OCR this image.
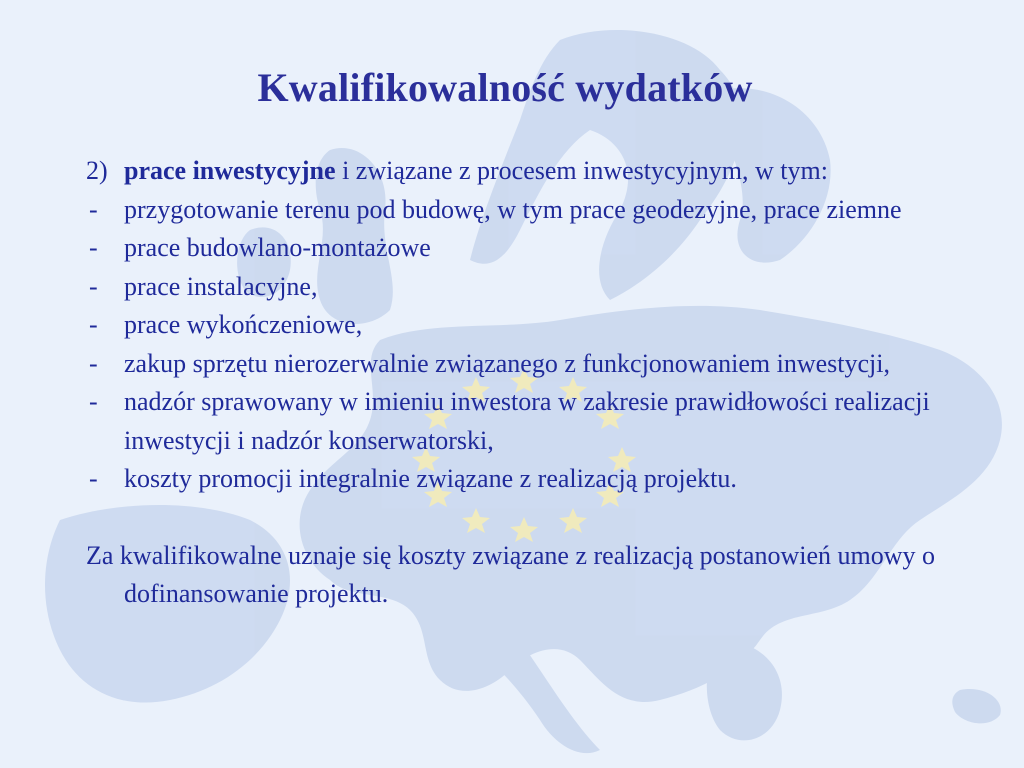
Kwalifikowalność wydatków

2) prace inwestycyjne i związane z procesem inwestycyjnym, w tym:

- przygotowanie terenu pod budowę, w tym prace geodezyjne, prace ziemne
- prace budowlano-montażowe
- prace instalacyjne,
- prace wykończeniowe,
- zakup sprzętu nierozerwalnie związanego z funkcjonowaniem inwestycji,
- nadzór sprawowany w imieniu inwestora w zakresie prawidłowości realizacji inwestycji i nadzór konserwatorski,
- koszty promocji integralnie związane z realizacją projektu.

Za kwalifikowalne uznaje się koszty związane z realizacją postanowień umowy o dofinansowanie projektu.
